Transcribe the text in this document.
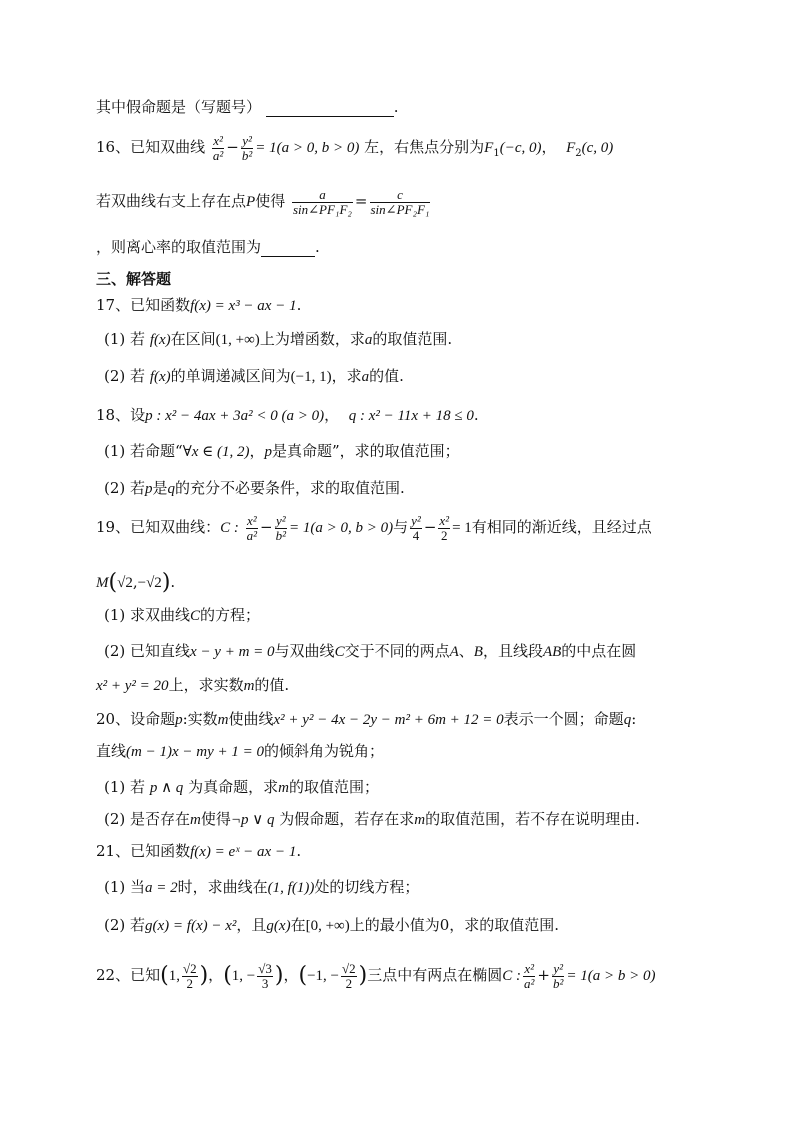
其中假命题是（写题号）	.
16、已知双曲线 $\frac{\text{x²}}{\text{a²}} - \frac{\text{y²}}{\text{b²}} = 1(a > 0$, b > 0) 左，右焦点分别为$F_1(-c$, 0)， $F_2(c$, 0)
若双曲线右支上存在点P使得 $\frac{a}{\text{sin∠PF₁F₂}} = \frac{c}{\text{sin∠PF₂F₁}}$
，则离心率的取值范围为	.
三、解答题
17、已知函数f(x) = x³ − ax − 1.
(1) 若 f(x)在区间(1, +∞)上为增函数，求a的取值范围.
(2) 若 f(x)的单调递减区间为(−1, 1)，求a的值.
18、设p : x² − 4ax + 3a² < 0 (a > 0)， q : x² − 11x + 18 ≤ 0.
(1) 若命题“∀x ∈ (1, 2)，p是真命题”，求的取值范围；
(2) 若p是q的充分不必要条件，求的取值范围.
19、已知双曲线：C : $\frac{\text{x²}}{\text{a²}} - \frac{\text{y²}}{\text{b²}} = 1(a > 0$, b > 0)与 $\frac{\text{y²}}{4} - \frac{\text{x²}}{2} = 1$有相同的渐近线，且经过点
M(√2,−√2).
(1) 求双曲线C的方程；
(2) 已知直线x − y + m = 0与双曲线C交于不同的两点A、B，且线段AB的中点在圆
x² + y² = 20上，求实数m的值.
20、设命题p:实数m使曲线x² + y² − 4x − 2y − m² + 6m + 12 = 0表示一个圆；命题q:
直线(m − 1)x − my + 1 = 0的倾斜角为锐角；
(1) 若 p ∧ q 为真命题，求m的取值范围；
(2) 是否存在m使得¬p ∨ q 为假命题，若存在求m的取值范围，若不存在说明理由.
21、已知函数f(x) = eˣ − ax − 1.
(1) 当a = 2时，求曲线在(1, f(1))处的切线方程；
(2) 若g(x) = f(x) − x²，且g(x)在[0, +∞)上的最小值为0，求的取值范围.
22、已知(1, $\frac{√2}{2}$ )，(1, − $\frac{√3}{3}$ )，(−1, − $\frac{√2}{2}$ )三点中有两点在椭圆C : $\frac{\text{x²}}{\text{a²}} + \frac{\text{y²}}{\text{b²}} = 1(a > b > 0)$
